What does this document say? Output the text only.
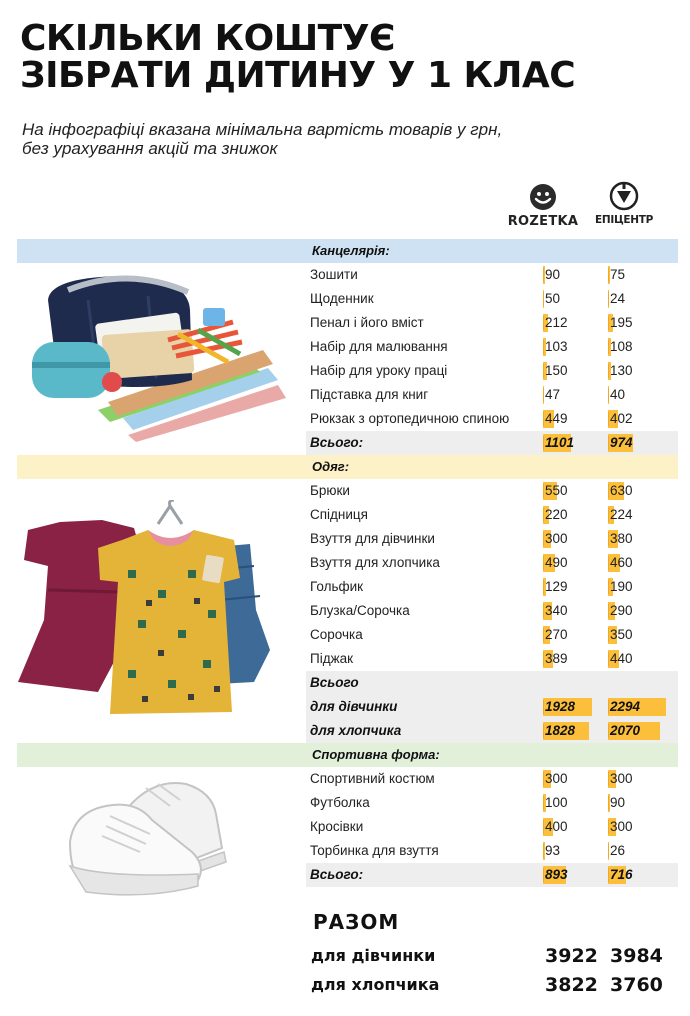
СКІЛЬКИ КОШТУЄ
ЗІБРАТИ ДИТИНУ У 1 КЛАС
На інфографіці вказана мінімальна вартість товарів у грн,
без урахування акцій та знижок
ROZETKA	ЕПІЦЕНТР
Канцелярія:
Одяг:
Спортивна форма:
Зошити	90	75
Щоденник	50	24
Пенал і його вміст	212	195
Набір для малювання	103	108
Набір для уроку праці	150	130
Підставка для книг	47	40
Рюкзак з ортопедичною спиною	449	402
Всього:	1101	974
Брюки	550	630
Спідниця	220	224
Взуття для дівчинки	300	380
Взуття для хлопчика	490	460
Гольфик	129	190
Блузка/Сорочка	340	290
Сорочка	270	350
Піджак	389	440
Всього
для дівчинки	1928	2294
для хлопчика	1828	2070
Спортивний костюм	300	300
Футболка	100	90
Кросівки	400	300
Торбинка для взуття	93	26
Всього:	893	716
РАЗОМ
для дівчинки	3922 3984
для хлопчика	3822 3760
